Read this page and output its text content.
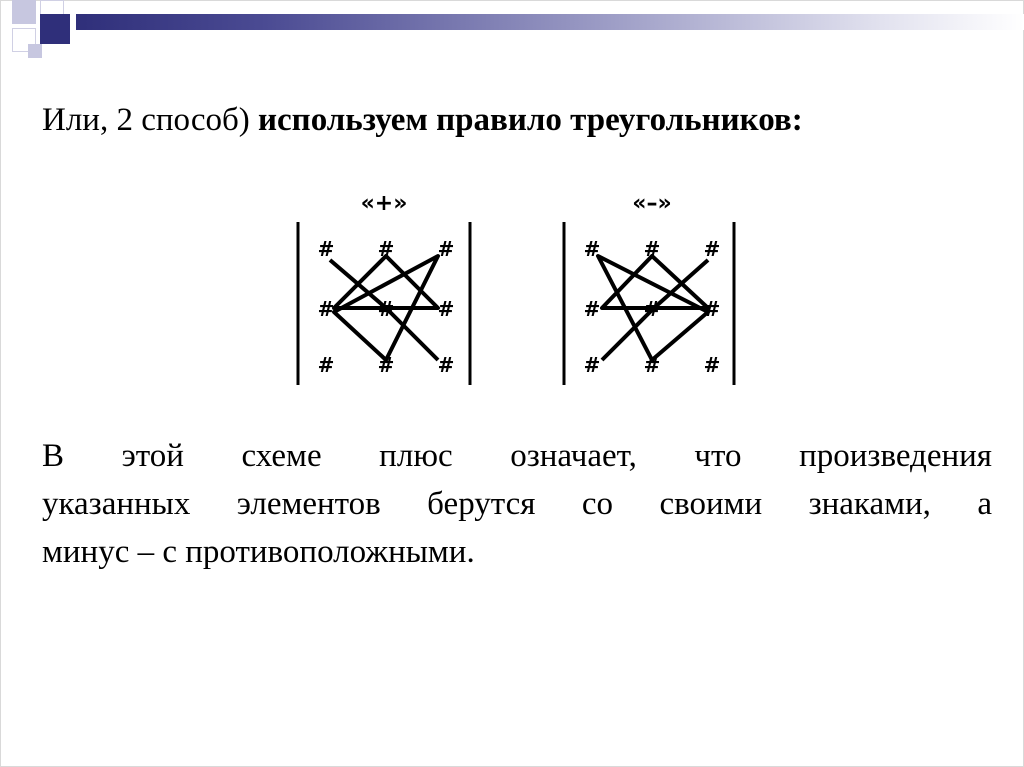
Или, 2 способ) используем правило треугольников:
«+»
# # #
# # #
# # #
«–»
# # #
# # #
# # #
В этой схеме плюс означает, что произведения
указанных элементов берутся со своими знаками, а
минус – с противоположными.
